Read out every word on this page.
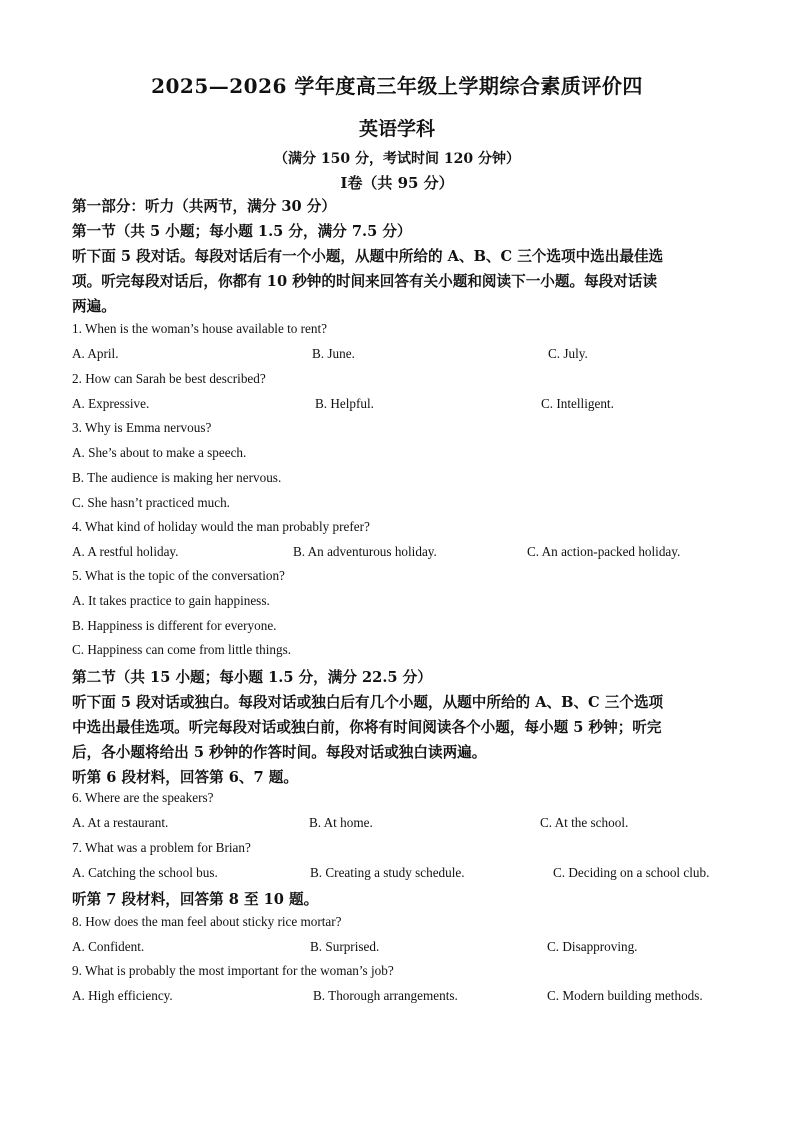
2025—2026 学年度高三年级上学期综合素质评价四
英语学科
（满分 150 分，考试时间 120 分钟）
Ⅰ卷（共 95 分）
第一部分：听力（共两节，满分 30 分）
第一节（共 5 小题；每小题 1.5 分，满分 7.5 分）
听下面 5 段对话。每段对话后有一个小题，从题中所给的 A、B、C 三个选项中选出最佳选
项。听完每段对话后，你都有 10 秒钟的时间来回答有关小题和阅读下一小题。每段对话读
两遍。
1. When is the woman’s house available to rent?
A. April.	B. June.	C. July.
2. How can Sarah be best described?
A. Expressive.	B. Helpful.	C. Intelligent.
3. Why is Emma nervous?
A. She’s about to make a speech.
B. The audience is making her nervous.
C. She hasn’t practiced much.
4. What kind of holiday would the man probably prefer?
A. A restful holiday.	B. An adventurous holiday.	C. An action-packed holiday.
5. What is the topic of the conversation?
A. It takes practice to gain happiness.
B. Happiness is different for everyone.
C. Happiness can come from little things.
第二节（共 15 小题；每小题 1.5 分，满分 22.5 分）
听下面 5 段对话或独白。每段对话或独白后有几个小题，从题中所给的 A、B、C 三个选项
中选出最佳选项。听完每段对话或独白前，你将有时间阅读各个小题，每小题 5 秒钟；听完
后，各小题将给出 5 秒钟的作答时间。每段对话或独白读两遍。
听第 6 段材料，回答第 6、7 题。
6. Where are the speakers?
A. At a restaurant.	B. At home.	C. At the school.
7. What was a problem for Brian?
A. Catching the school bus.	B. Creating a study schedule.	C. Deciding on a school club.
听第 7 段材料，回答第 8 至 10 题。
8. How does the man feel about sticky rice mortar?
A. Confident.	B. Surprised.	C. Disapproving.
9. What is probably the most important for the woman’s job?
A. High efficiency.	B. Thorough arrangements.	C. Modern building methods.
